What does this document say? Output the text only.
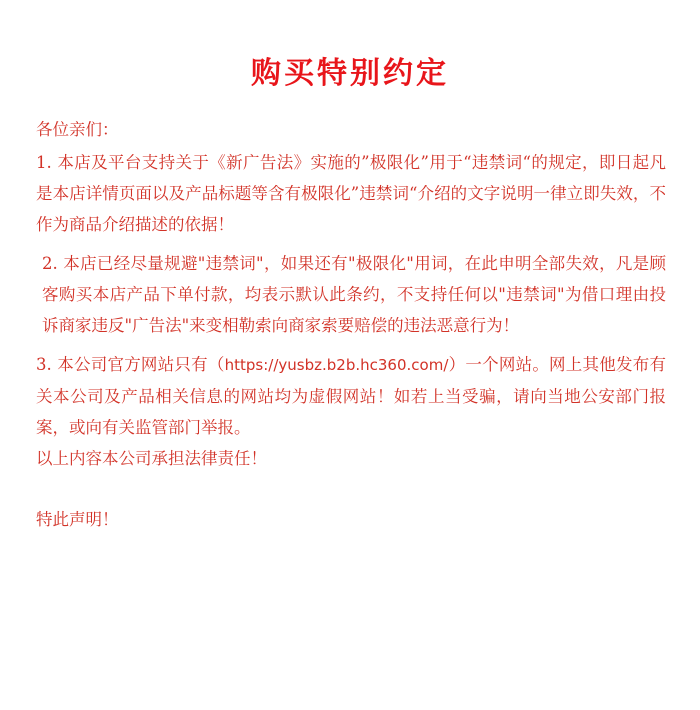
购买特别约定

各位亲们：

1. 本店及平台支持关于《新广告法》实施的”极限化”用于“违禁词“的规定，即日起凡是本店详情页面以及产品标题等含有极限化”违禁词“介绍的文字说明一律立即失效，不作为商品介绍描述的依据！

2. 本店已经尽量规避"违禁词"，如果还有"极限化"用词，在此申明全部失效，凡是顾客购买本店产品下单付款，均表示默认此条约，不支持任何以"违禁词"为借口理由投诉商家违反"广告法"来变相勒索向商家索要赔偿的违法恶意行为！

3. 本公司官方网站只有（https://yusbz.b2b.hc360.com/）一个网站。网上其他发布有关本公司及产品相关信息的网站均为虚假网站！如若上当受骗，请向当地公安部门报案，或向有关监管部门举报。

以上内容本公司承担法律责任！

特此声明！
